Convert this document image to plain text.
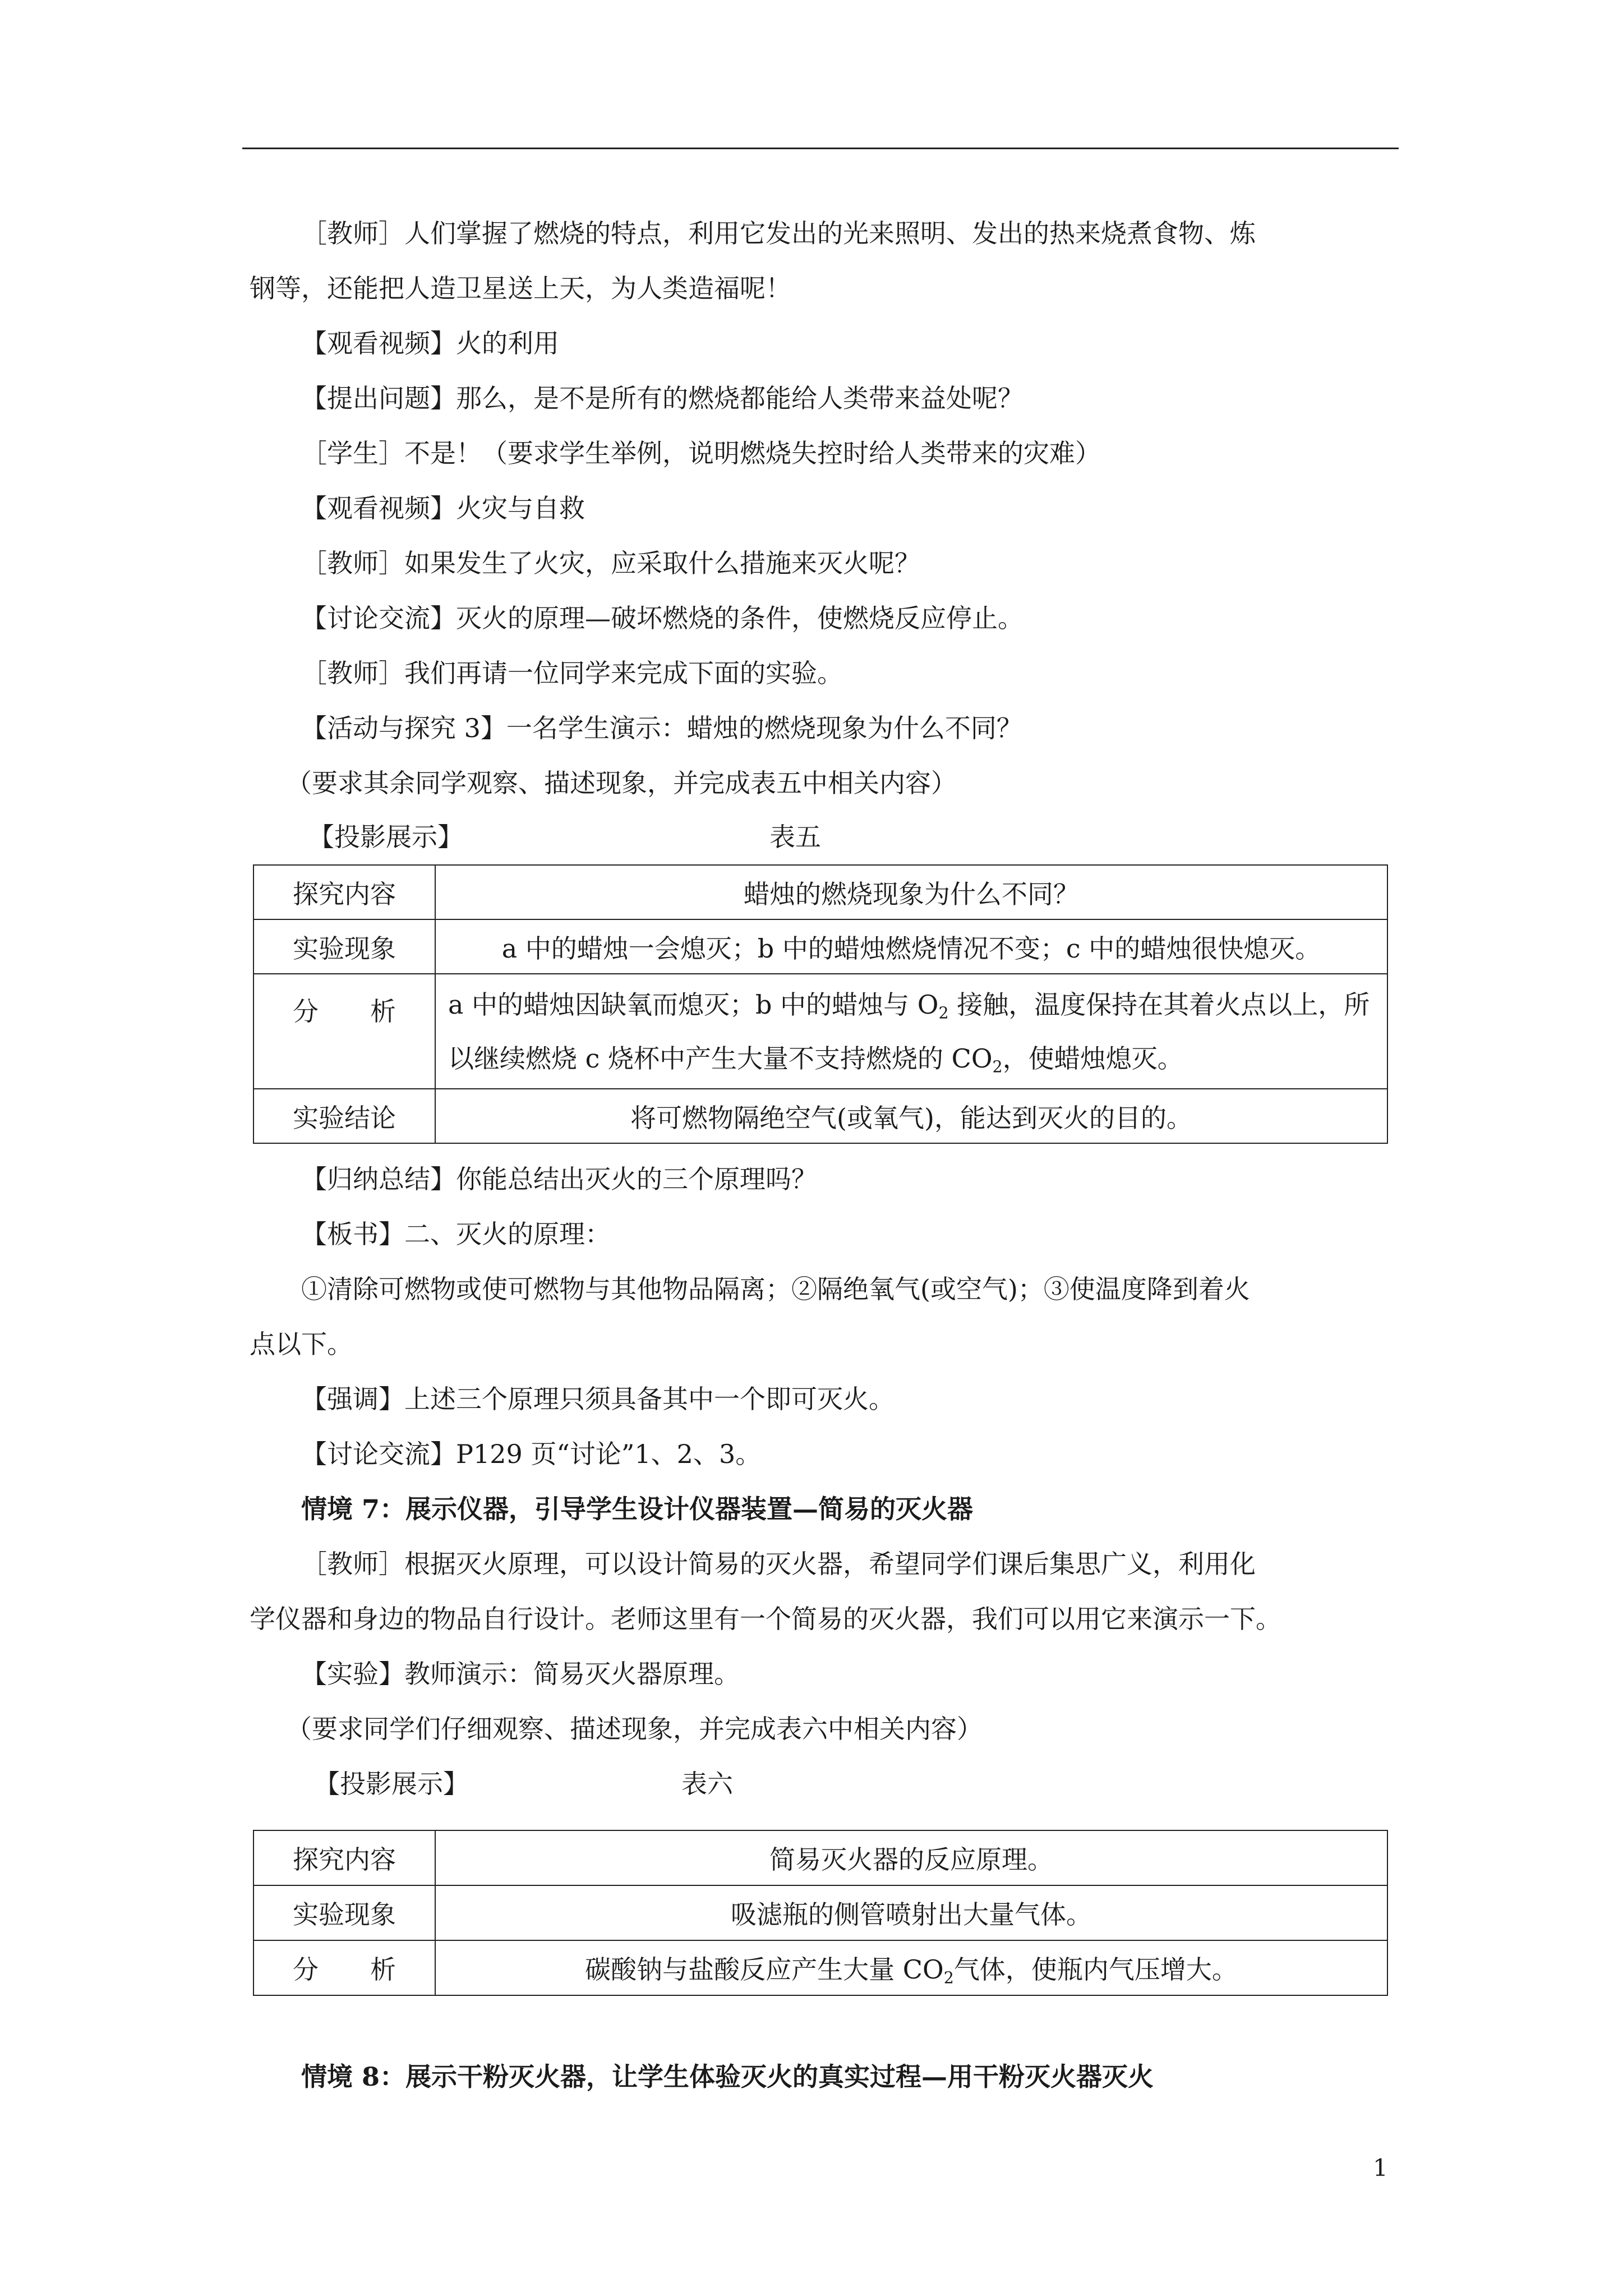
［教师］人们掌握了燃烧的特点，利用它发出的光来照明、发出的热来烧煮食物、炼
钢等，还能把人造卫星送上天，为人类造福呢！
【观看视频】火的利用
【提出问题】那么，是不是所有的燃烧都能给人类带来益处呢？
［学生］不是！（要求学生举例，说明燃烧失控时给人类带来的灾难）
【观看视频】火灾与自救
［教师］如果发生了火灾，应采取什么措施来灭火呢？
【讨论交流】灭火的原理—破坏燃烧的条件，使燃烧反应停止。
［教师］我们再请一位同学来完成下面的实验。
【活动与探究 3】一名学生演示：蜡烛的燃烧现象为什么不同？
（要求其余同学观察、描述现象，并完成表五中相关内容）
【投影展示】	表五
探究内容	蜡烛的燃烧现象为什么不同？
实验现象	a 中的蜡烛一会熄灭；b 中的蜡烛燃烧情况不变；c 中的蜡烛很快熄灭。
分　　析	a 中的蜡烛因缺氧而熄灭；b 中的蜡烛与 $O_2$ 接触，温度保持在其着火点以上，所以继续燃烧 c 烧杯中产生大量不支持燃烧的 $CO_2$，使蜡烛熄灭。
实验结论	将可燃物隔绝空气(或氧气)，能达到灭火的目的。
【归纳总结】你能总结出灭火的三个原理吗？
【板书】二、灭火的原理：
①清除可燃物或使可燃物与其他物品隔离；②隔绝氧气(或空气)；③使温度降到着火
点以下。
【强调】上述三个原理只须具备其中一个即可灭火。
【讨论交流】P129 页“讨论”1、2、3。
情境 7：展示仪器，引导学生设计仪器装置—简易的灭火器
［教师］根据灭火原理，可以设计简易的灭火器，希望同学们课后集思广义，利用化
学仪器和身边的物品自行设计。老师这里有一个简易的灭火器，我们可以用它来演示一下。
【实验】教师演示：简易灭火器原理。
（要求同学们仔细观察、描述现象，并完成表六中相关内容）
【投影展示】	表六
探究内容	简易灭火器的反应原理。
实验现象	吸滤瓶的侧管喷射出大量气体。
分　　析	碳酸钠与盐酸反应产生大量 $CO_2$气体，使瓶内气压增大。
情境 8：展示干粉灭火器，让学生体验灭火的真实过程—用干粉灭火器灭火
1
